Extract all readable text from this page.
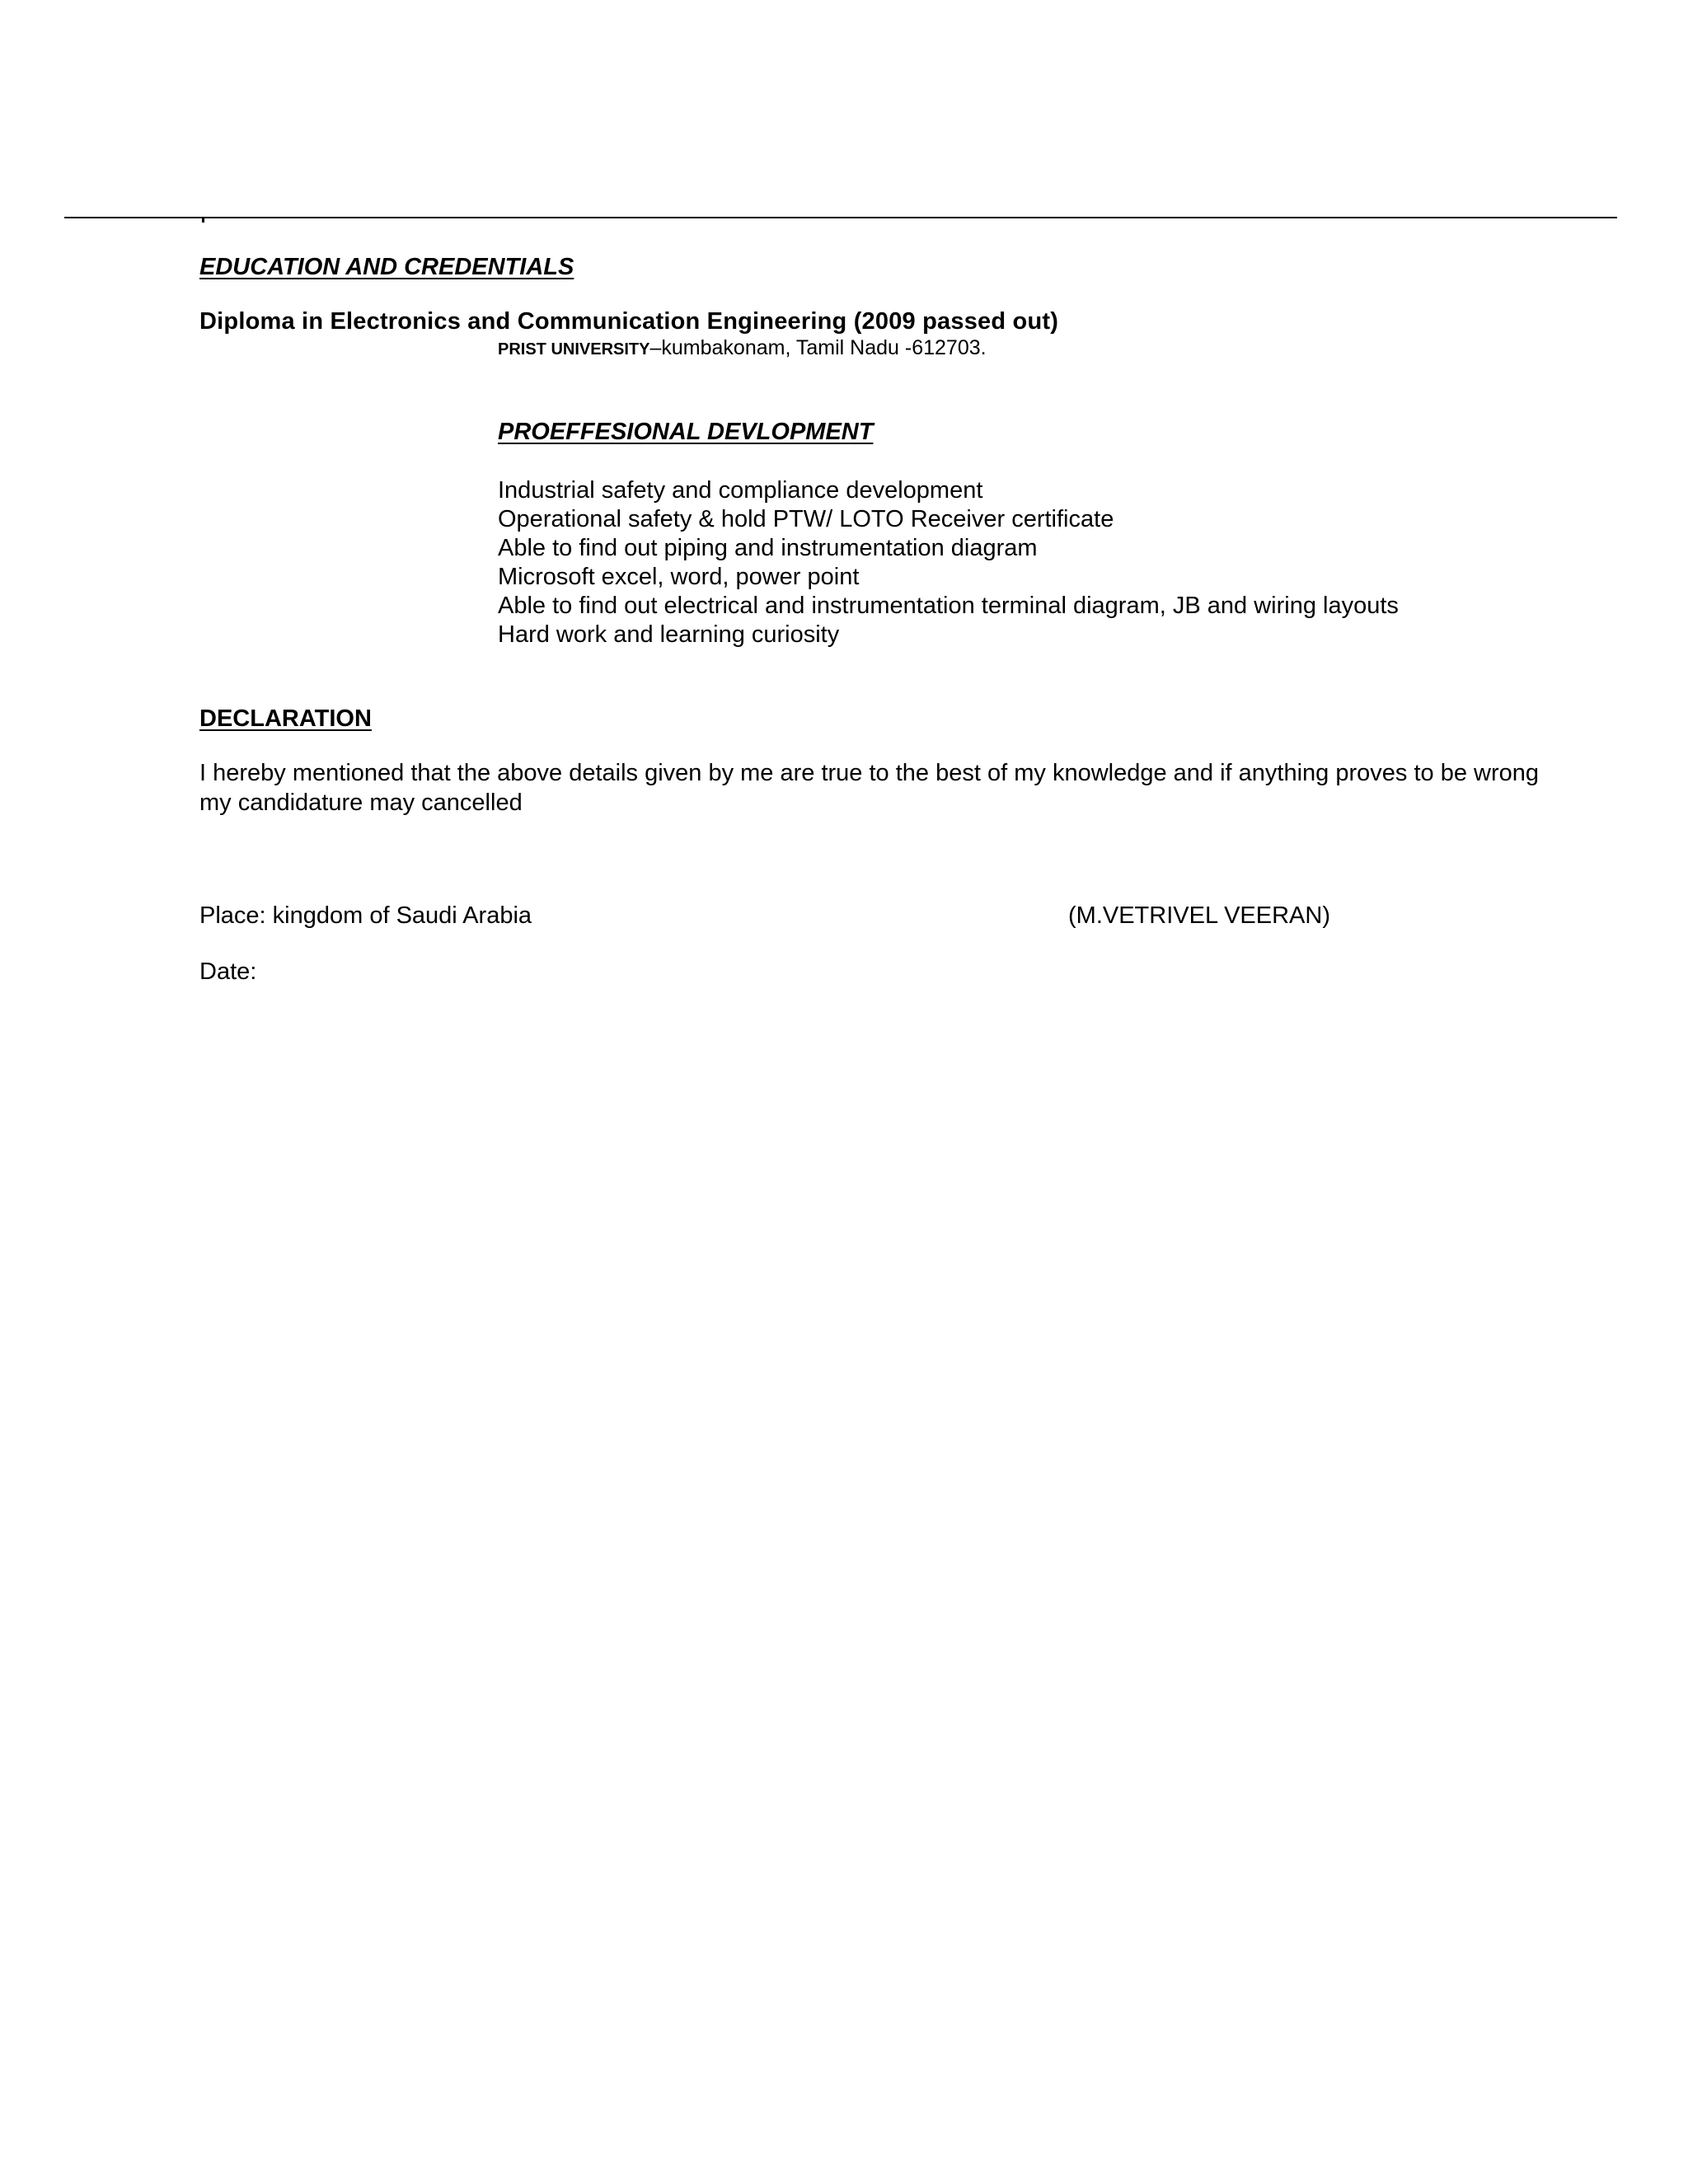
EDUCATION AND CREDENTIALS
Diploma in Electronics and Communication Engineering (2009 passed out)
PRIST UNIVERSITY–kumbakonam, Tamil Nadu -612703.
PROEFFESIONAL DEVLOPMENT
Industrial safety and compliance development
Operational safety & hold PTW/ LOTO Receiver certificate
Able to find out piping and instrumentation diagram
Microsoft excel, word, power point
Able to find out electrical and instrumentation terminal diagram, JB and wiring layouts
Hard work and learning curiosity
DECLARATION
I hereby mentioned that the above details given by me are true to the best of my knowledge and if anything proves to be wrong my candidature may cancelled
Place: kingdom of Saudi Arabia	(M.VETRIVEL VEERAN)
Date:
